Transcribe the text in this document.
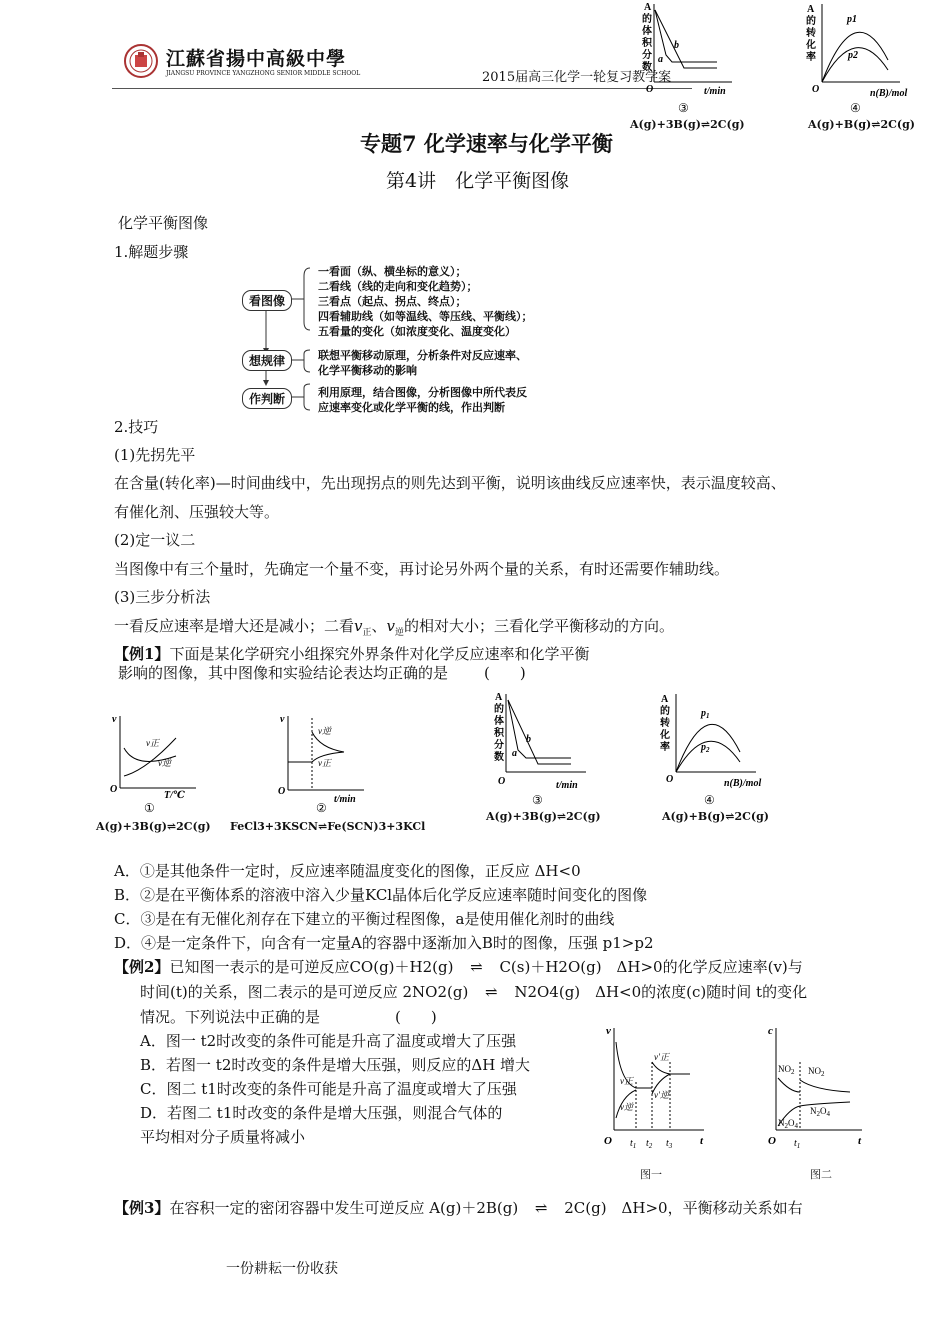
江蘇省揚中高級中學
JIANGSU PROVINCE YANGZHONG SENIOR MIDDLE SCHOOL	2015届高三化学一轮复习教学案
A
的
体
积
分
数
b
a
O	t/min
③
A(g)+3B(g)⇌2C(g)
A
的
转
化
率
p1
p2
O	n(B)/mol
④
A(g)+B(g)⇌2C(g)
专题7 化学速率与化学平衡
第4讲　化学平衡图像
化学平衡图像
1.解题步骤
看图像
想规律
作判断
一看面（纵、横坐标的意义）；
二看线（线的走向和变化趋势）；
三看点（起点、拐点、终点）；
四看辅助线（如等温线、等压线、平衡线）；
五看量的变化（如浓度变化、温度变化）
联想平衡移动原理，分析条件对反应速率、
化学平衡移动的影响
利用原理，结合图像，分析图像中所代表反
应速率变化或化学平衡的线，作出判断
2.技巧
(1)先拐先平
在含量(转化率)—时间曲线中，先出现拐点的则先达到平衡，说明该曲线反应速率快，表示温度较高、
有催化剂、压强较大等。
(2)定一议二
当图像中有三个量时，先确定一个量不变，再讨论另外两个量的关系，有时还需要作辅助线。
(3)三步分析法
一看反应速率是增大还是减小；二看$v_正$、$v_逆$的相对大小；三看化学平衡移动的方向。
【例1】下面是某化学研究小组探究外界条件对化学反应速率和化学平衡
影响的图像，其中图像和实验结论表达均正确的是 (　　)
v
O
v正
v逆
T/℃
①
A(g)+3B(g)⇌2C(g)
v
O
v逆
v正
t/min
②
FeCl3+3KSCN⇌Fe(SCN)3+3KCl
A
的
体
积
分
数
b
a
O	t/min
③
A(g)+3B(g)⇌2C(g)
A
的
转
化
率
$p_1$
$p_2$
O	n(B)/mol
④
A(g)+B(g)⇌2C(g)
A．①是其他条件一定时，反应速率随温度变化的图像，正反应 ΔH<0
B．②是在平衡体系的溶液中溶入少量KCl晶体后化学反应速率随时间变化的图像
C．③是在有无催化剂存在下建立的平衡过程图像，a是使用催化剂时的曲线
D．④是一定条件下，向含有一定量A的容器中逐渐加入B时的图像，压强 p1>p2
【例2】已知图一表示的是可逆反应CO(g)＋H2(g) ⇌ C(s)＋H2O(g)　ΔH>0的化学反应速率(v)与
时间(t)的关系，图二表示的是可逆反应 2NO2(g) ⇌ N2O4(g)　ΔH<0的浓度(c)随时间 t的变化
情况。下列说法中正确的是　　　　　(　　)
A．图一 t2时改变的条件可能是升高了温度或增大了压强
B．若图一 t2时改变的条件是增大压强，则反应的ΔH 增大
C．图二 t1时改变的条件可能是升高了温度或增大了压强
D．若图二 t1时改变的条件是增大压强，则混合气体的
平均相对分子质量将减小
v
O	t
v正
v逆
v′正
v′逆
$t_1$ $t_2$ $t_3$
图一
c
O	t
$NO_2$ $NO_2$
$N_2O_4$
$N_2O_4$
$t_1$
图二
【例3】在容积一定的密闭容器中发生可逆反应 A(g)＋2B(g) ⇌ 2C(g)　ΔH>0，平衡移动关系如右
一份耕耘一份收获
